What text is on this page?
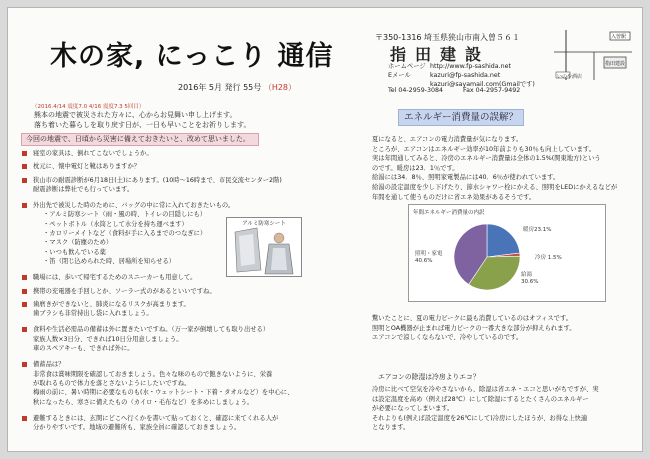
木の家, にっこり 通信
2016年 5月 発行 55号 （H28）
〒350-1316 埼玉県狭山市南入曽５６１
指田建設
ホームページ http://www.fp-sashida.net
Eメール	kazuri@fp-sashida.net
kazuri@sayamail.com(Gmailです)
Tel 04-2959-3084	Fax 04-2957-9492
入曽駅
いのや酒店
指田建設
（2016.4/14 震度7.0 4/16 震度7.3 5回目）
熊本の地震で被災された方々に、心からお見舞い申し上げます。
落ち着いた暮らしを取り戻す日が、一日も早いことをお祈りします。
今回の地震で、日頃から災害に備えておきたいと、改めて思いました。
寝室の家具は、倒れてこないでしょうか。
枕元に、懐中電灯と靴はありますか？
狭山市の耐震診断が6月18日(土)にあります。(10時～16時まで、市民交流センター2階)
耐震診断は弊社でも行っています。
外出先で被災した時のために、バッグの中に常に入れておきたいもの。
・アルミ防寒シート（雨・風の時、トイレの目隠しにも）
・ペットボトル（水筒として水分を持ち運べます）
・カロリーメイトなど（食料が手に入るまでのつなぎに）
・マスク（防塵のため）
・いつも飲んでいる薬
・笛（閉じ込められた時、居場所を知らせる）
職場には、歩いて帰宅するためのスニーカーも用意して。
携帯の充電器を手回しとか、ソーラー式のがあるといいですね。
歯磨きができないと、肺炎になるリスクが高まります。
歯ブラシも非常持出し袋に入れましょう。
食料や生活必需品の備蓄は外に置きたいですね。（万一家が倒壊しても取り出せる）
家族人数×3日分、できれば10日分用意しましょう。
車のスペアキーも、できれば外に。
備蓄品は？
非常食は賞味期限を確認しておきましょう。色々な味のもので飽きないように、栄養
が取れるもので体力を落とさないようにしたいですね。
梅雨の前に、暑い時期に必要なものも(水・ウェットシート・下着・タオルなど）を中心に、
秋になったら、寒さに備えたもの（カイロ・毛布など）を多めにしましょう。
避難するときには、玄関にどこへ行くかを書いて貼っておくと、確認に来てくれる人が
分かりやすいです。地域の避難所も、家族全員に確認しておきましょう。
アルミ防寒シート
エネルギー消費量の誤解？
夏になると、エアコンの電力消費量が気になります。
ところが、エアコンはエネルギー効率が10年前よりも30％も向上しています。
実は年間通してみると、冷房のエネルギー消費量は全体の1.5%(関東地方)という
のです。暖房は23．1％です。
給湯には34．8％、照明家電製品には40．6％が使われています。
給湯の設定温度を少し下げたり、節水シャワー栓にかえる、照明をLEDにかえるなどが
年間を通して使うものだけに省エネ効果があるそうです。
年間エネルギー消費量の内訳
暖房23.1%
冷房 1.5%
給湯30.6%
照明・家電 40.6%
驚いたことに、夏の電力ピークに最も消費しているのはオフィスです。
照明とOA機器が止まれば電力ピークの一番大きな部分が抑えられます。
エアコンで涼しくならないで、冷やしているのです。
エアコンの除湿は冷房よりエコ？
冷房に比べて空気を冷やさないから、除湿は省エネ・エコと思いがちですが、実
は設定温度を高め（例えば28℃）にして除湿にするとたくさんのエネルギー
が必要になってしまいます。
それよりも(例えば設定温度を26℃にして)冷房にしたほうが、お得な上快適
となります。
